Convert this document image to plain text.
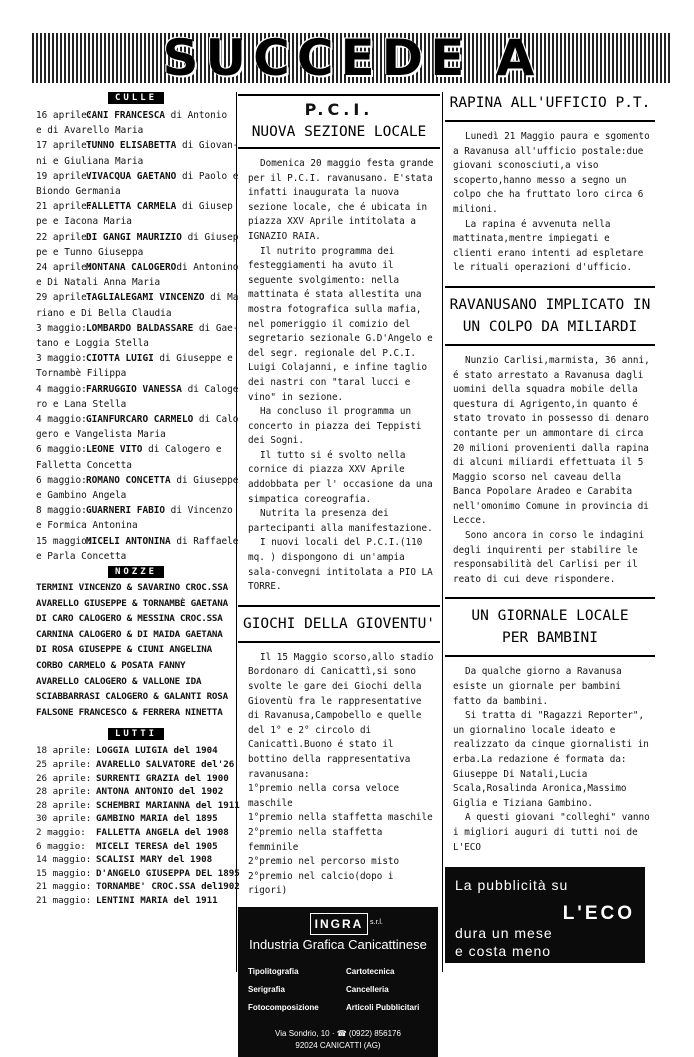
SUCCEDE A
CULLE
16 aprile:CANI FRANCESCA di Antonio
e di Avarello Maria
17 aprile:TUNNO ELISABETTA di Giovan-
ni e Giuliana Maria
19 aprile:VIVACQUA GAETANO di Paolo e
Biondo Germania
21 aprile:FALLETTA CARMELA di Giusep
pe e Iacona Maria
22 aprile:DI GANGI MAURIZIO di Giusep
pe e Tunno Giuseppa
24 aprile:MONTANA CALOGEROdi Antonino
e Di Natali Anna Maria
29 aprile:TAGLIALEGAMI VINCENZO di Ma
riano e Di Bella Claudia
3 maggio:LOMBARDO BALDASSARE di Gae-
tano e Loggia Stella
3 maggio:CIOTTA LUIGI di Giuseppe e
Tornambè Filippa
4 maggio:FARRUGGIO VANESSA di Caloge
ro e Lana Stella
4 maggio:GIANFURCARO CARMELO di Calo
gero e Vangelista Maria
6 maggio:LEONE VITO di Calogero e
Falletta Concetta
6 maggio:ROMANO CONCETTA di Giuseppe
e Gambino Angela
8 maggio:GUARNERI FABIO di Vincenzo
e Formica Antonina
15 maggio:MICELI ANTONINA di Raffaele
e Parla Concetta
NOZZE
TERMINI VINCENZO & SAVARINO CROC.SSA
AVARELLO GIUSEPPE & TORNAMBÈ GAETANA
DI CARO CALOGERO & MESSINA CROC.SSA
CARNINA CALOGERO & DI MAIDA GAETANA
DI ROSA GIUSEPPE & CIUNI ANGELINA
CORBO CARMELO & POSATA FANNY
AVARELLO CALOGERO & VALLONE IDA
SCIABBARRASI CALOGERO & GALANTI ROSA
FALSONE FRANCESCO & FERRERA NINETTA
LUTTI
18 aprile: LOGGIA LUIGIA del 1904
25 aprile: AVARELLO SALVATORE del'26
26 aprile: SURRENTI GRAZIA del 1900
28 aprile: ANTONA ANTONIO del 1902
28 aprile: SCHEMBRI MARIANNA del 1911
30 aprile: GAMBINO MARIA del 1895
2 maggio: FALLETTA ANGELA del 1908
6 maggio: MICELI TERESA del 1905
14 maggio: SCALISI MARY del 1908
15 maggio: D'ANGELO GIUSEPPA DEL 1895
21 maggio: TORNAMBE' CROC.SSA del1902
21 maggio: LENTINI MARIA del 1911
P.C.I.
NUOVA SEZIONE LOCALE

Domenica 20 maggio festa grande per il P.C.I. ravanusano. E'stata infatti inaugurata la nuova sezione locale, che é ubicata in piazza XXV Aprile intitolata a IGNAZIO RAIA.

Il nutrito programma dei festeggiamenti ha avuto il seguente svolgimento: nella mattinata é stata allestita una mostra fotografica sulla mafia, nel pomeriggio il comizio del segretario sezionale G.D'Angelo e del segr. regionale del P.C.I. Luigi Colajanni, e infine taglio dei nastri con "taral lucci e vino" in sezione.

Ha concluso il programma un concerto in piazza dei Teppisti dei Sogni.

Il tutto si é svolto nella cornice di piazza XXV Aprile addobbata per l' occasione da una simpatica coreografia.

Nutrita la presenza dei partecipanti alla manifestazione.

I nuovi locali del P.C.I.(110 mq. ) dispongono di un'ampia sala-convegni intitolata a PIO LA TORRE.

GIOCHI DELLA GIOVENTU'

Il 15 Maggio scorso,allo stadio Bordonaro di Canicattì,si sono svolte le gare dei Giochi della Gioventù fra le rappresentative di Ravanusa,Campobello e quelle del 1° e 2° circolo di Canicattì.Buono é stato il bottino della rappresentativa ravanusana:

1°premio nella corsa veloce maschile

1°premio nella staffetta maschile

2°premio nella staffetta femminile

2°premio nel percorso misto

2°premio nel calcio(dopo i rigori)

INGRA s.r.l.
Industria Grafica Canicattinese
Tipolitografia	Cartotecnica
Serigrafia	Cancelleria
Fotocomposizione	Articoli Pubblicitari
Via Sondrio, 10 · ☎ (0922) 856176
92024 CANICATTI (AG)
RAPINA ALL'UFFICIO P.T.

Lunedì 21 Maggio paura e sgomento a Ravanusa all'ufficio postale:due giovani sconosciuti,a viso scoperto,hanno messo a segno un colpo che ha fruttato loro circa 6 milioni.

La rapina é avvenuta nella mattinata,mentre impiegati e clienti erano intenti ad espletare le rituali operazioni d'ufficio.

RAVANUSANO IMPLICATO IN
UN COLPO DA MILIARDI

Nunzio Carlisi,marmista, 36 anni, é stato arrestato a Ravanusa dagli uomini della squadra mobile della questura di Agrigento,in quanto é stato trovato in possesso di denaro contante per un ammontare di circa 20 milioni provenienti dalla rapina di alcuni miliardi effettuata il 5 Maggio scorso nel caveau della Banca Popolare Aradeo e Carabita nell'omonimo Comune in provincia di Lecce.

Sono ancora in corso le indagini degli inquirenti per stabilire le responsabilità del Carlisi per il reato di cui deve rispondere.

UN GIORNALE LOCALE
PER BAMBINI

Da qualche giorno a Ravanusa esiste un giornale per bambini fatto da bambini.

Si tratta di "Ragazzi Reporter", un giornalino locale ideato e realizzato da cinque giornalisti in erba.La redazione é formata da: Giuseppe Di Natali,Lucia Scala,Rosalinda Aronica,Massimo Giglia e Tiziana Gambino.

A questi giovani "colleghi" vanno i migliori auguri di tutti noi de L'ECO

La pubblicità su
L'ECO
dura un mese
e costa meno
